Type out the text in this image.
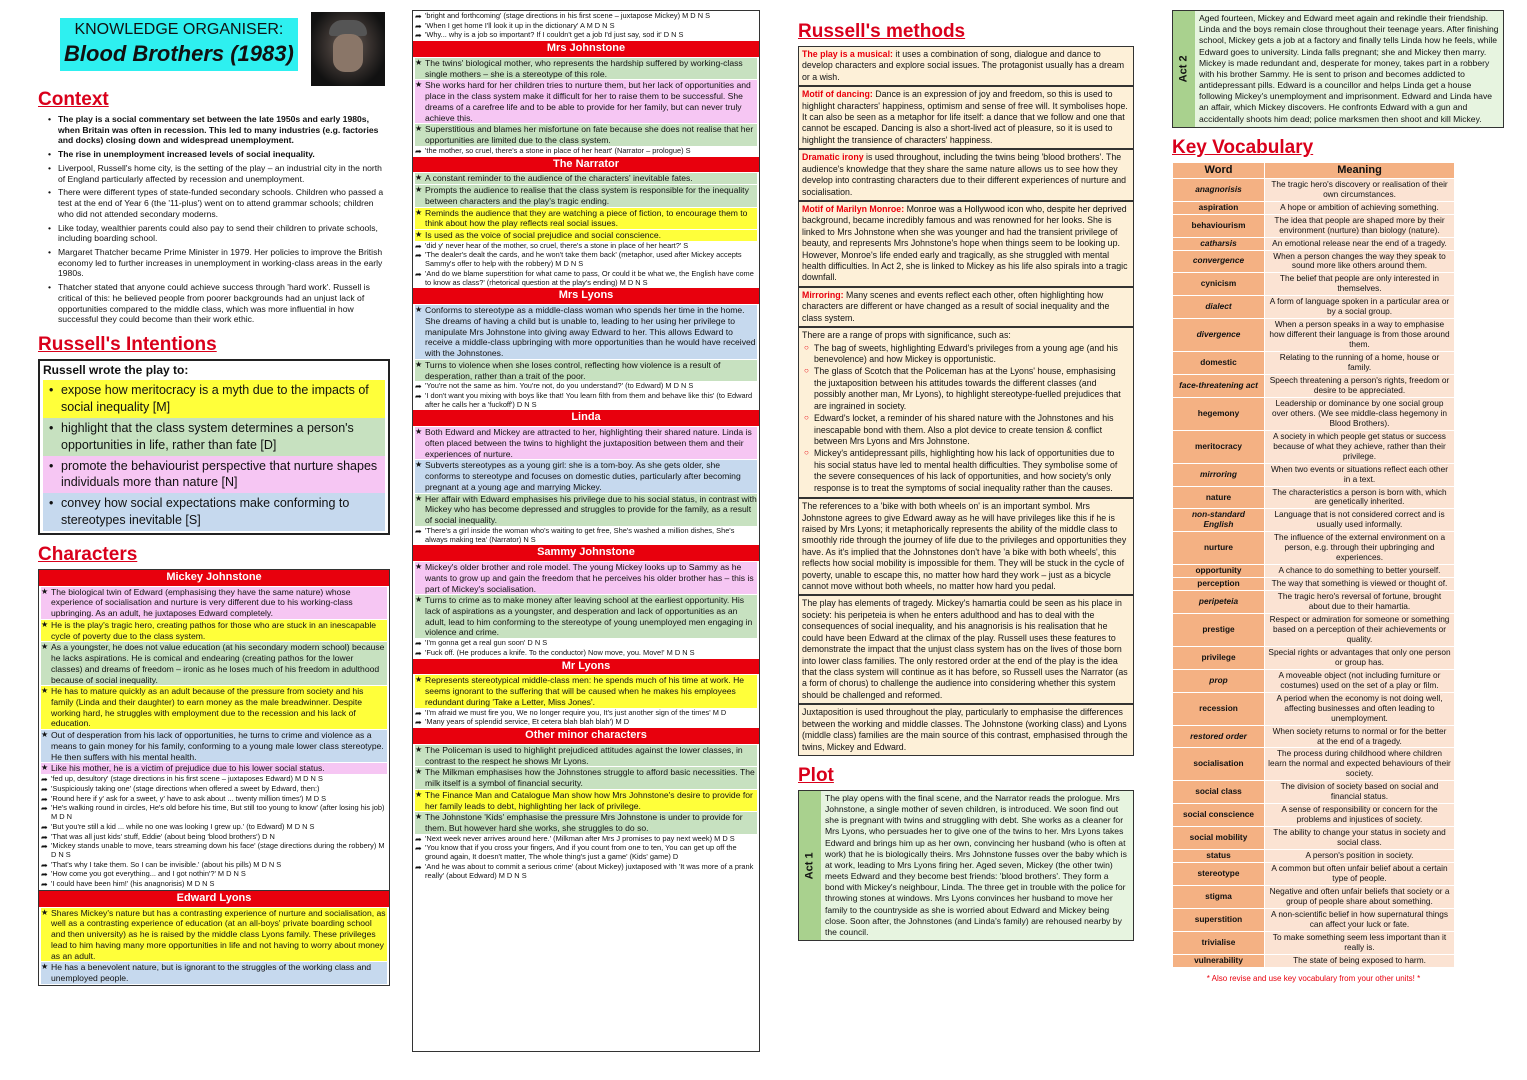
KNOWLEDGE ORGANISER:
Blood Brothers (1983)
Context
• The play is a social commentary set between the late 1950s and early 1980s, when Britain was often in recession. This led to many industries (e.g. factories and docks) closing down and widespread unemployment.
• The rise in unemployment increased levels of social inequality.
• Liverpool, Russell's home city, is the setting of the play – an industrial city in the north of England particularly affected by recession and unemployment.
• There were different types of state-funded secondary schools. Children who passed a test at the end of Year 6 (the '11-plus') went on to attend grammar schools; children who did not attended secondary moderns.
• Like today, wealthier parents could also pay to send their children to private schools, including boarding school.
• Margaret Thatcher became Prime Minister in 1979. Her policies to improve the British economy led to further increases in unemployment in working-class areas in the early 1980s.
• Thatcher stated that anyone could achieve success through 'hard work'. Russell is critical of this: he believed people from poorer backgrounds had an unjust lack of opportunities compared to the middle class, which was more influential in how successful they could become than their work ethic.
Russell's Intentions
Russell wrote the play to:
• expose how meritocracy is a myth due to the impacts of social inequality [M]
• highlight that the class system determines a person's opportunities in life, rather than fate [D]
• promote the behaviourist perspective that nurture shapes individuals more than nature [N]
• convey how social expectations make conforming to stereotypes inevitable [S]
Characters
Mickey Johnstone
★ The biological twin of Edward (emphasising they have the same nature) whose experience of socialisation and nurture is very different due to his working-class upbringing. As an adult, he juxtaposes Edward completely.
★ He is the play's tragic hero, creating pathos for those who are stuck in an inescapable cycle of poverty due to the class system.
★ As a youngster, he does not value education (at his secondary modern school) because he lacks aspirations. He is comical and endearing (creating pathos for the lower classes) and dreams of freedom – ironic as he loses much of his freedom in adulthood because of social inequality.
★ He has to mature quickly as an adult because of the pressure from society and his family (Linda and their daughter) to earn money as the male breadwinner. Despite working hard, he struggles with employment due to the recession and his lack of education.
★ Out of desperation from his lack of opportunities, he turns to crime and violence as a means to gain money for his family, conforming to a young male lower class stereotype. He then suffers with his mental health.
★ Like his mother, he is a victim of prejudice due to his lower social status.
➦ 'fed up, desultory' (stage directions in his first scene – juxtaposes Edward) M D N S
➦ 'Suspiciously taking one' (stage directions when offered a sweet by Edward, then:)
➦ 'Round here if y' ask for a sweet, y' have to ask about ... twenty million times') M D S
➦ 'He's walking round in circles, He's old before his time, But still too young to know' (after losing his job) M D N
➦ 'But you're still a kid ... while no one was looking I grew up.' (to Edward) M D N S
➦ 'That was all just kids' stuff, Eddie' (about being 'blood brothers') D N
➦ 'Mickey stands unable to move, tears streaming down his face' (stage directions during the robbery) M D N S
➦ 'That's why I take them. So I can be invisible.' (about his pills) M D N S
➦ 'How come you got everything... and I got nothin'?' M D N S
➦ 'I could have been him!' (his anagnorisis) M D N S
Edward Lyons
★ Shares Mickey's nature but has a contrasting experience of nurture and socialisation, as well as a contrasting experience of education (at an all-boys' private boarding school and then university) as he is raised by the middle class Lyons family. These privileges lead to him having many more opportunities in life and not having to worry about money as an adult.
★ He has a benevolent nature, but is ignorant to the struggles of the working class and unemployed people.
➦ 'bright and forthcoming' (stage directions in his first scene – juxtapose Mickey) M D N S
➦ 'When I get home I'll look it up in the dictionary' A M D N S
➦ 'Why... why is a job so important? If I couldn't get a job I'd just say, sod it' D N S
Mrs Johnstone
★ The twins' biological mother, who represents the hardship suffered by working-class single mothers – she is a stereotype of this role.
★ She works hard for her children tries to nurture them, but her lack of opportunities and place in the class system make it difficult for her to raise them to be successful. She dreams of a carefree life and to be able to provide for her family, but can never truly achieve this.
★ Superstitious and blames her misfortune on fate because she does not realise that her opportunities are limited due to the class system.
➦ 'the mother, so cruel, there's a stone in place of her heart' (Narrator – prologue) S
The Narrator
★ A constant reminder to the audience of the characters' inevitable fates.
★ Prompts the audience to realise that the class system is responsible for the inequality between characters and the play's tragic ending.
★ Reminds the audience that they are watching a piece of fiction, to encourage them to think about how the play reflects real social issues.
★ Is used as the voice of social prejudice and social conscience.
➦ 'did y' never hear of the mother, so cruel, there's a stone in place of her heart?' S
➦ 'The dealer's dealt the cards, and he won't take them back' (metaphor, used after Mickey accepts Sammy's offer to help with the robbery) M D N S
➦ 'And do we blame superstition for what came to pass, Or could it be what we, the English have come to know as class?' (rhetorical question at the play's ending) M D N S
Mrs Lyons
★ Conforms to stereotype as a middle-class woman who spends her time in the home. She dreams of having a child but is unable to, leading to her using her privilege to manipulate Mrs Johnstone into giving away Edward to her. This allows Edward to receive a middle-class upbringing with more opportunities than he would have received with the Johnstones.
★ Turns to violence when she loses control, reflecting how violence is a result of desperation, rather than a trait of the poor.
➦ 'You're not the same as him. You're not, do you understand?' (to Edward) M D N S
➦ 'I don't want you mixing with boys like that! You learn filth from them and behave like this' (to Edward after he calls her a 'fuckoff') D N S
Linda
★ Both Edward and Mickey are attracted to her, highlighting their shared nature. Linda is often placed between the twins to highlight the juxtaposition between them and their experiences of nurture.
★ Subverts stereotypes as a young girl: she is a tom-boy. As she gets older, she conforms to stereotype and focuses on domestic duties, particularly after becoming pregnant at a young age and marrying Mickey.
★ Her affair with Edward emphasises his privilege due to his social status, in contrast with Mickey who has become depressed and struggles to provide for the family, as a result of social inequality.
➦ 'There's a girl inside the woman who's waiting to get free, She's washed a million dishes, She's always making tea' (Narrator) N S
Sammy Johnstone
★ Mickey's older brother and role model. The young Mickey looks up to Sammy as he wants to grow up and gain the freedom that he perceives his older brother has – this is part of Mickey's socialisation.
★ Turns to crime as to make money after leaving school at the earliest opportunity. His lack of aspirations as a youngster, and desperation and lack of opportunities as an adult, lead to him conforming to the stereotype of young unemployed men engaging in violence and crime.
➦ 'I'm gonna get a real gun soon' D N S
➦ 'Fuck off. (He produces a knife. To the conductor) Now move, you. Move!' M D N S
Mr Lyons
★ Represents stereotypical middle-class men: he spends much of his time at work. He seems ignorant to the suffering that will be caused when he makes his employees redundant during 'Take a Letter, Miss Jones'.
➦ 'I'm afraid we must fire you, We no longer require you, It's just another sign of the times' M D
➦ 'Many years of splendid service, Et cetera blah blah blah') M D
Other minor characters
★ The Policeman is used to highlight prejudiced attitudes against the lower classes, in contrast to the respect he shows Mr Lyons.
★ The Milkman emphasises how the Johnstones struggle to afford basic necessities. The milk itself is a symbol of financial security.
★ The Finance Man and Catalogue Man show how Mrs Johnstone's desire to provide for her family leads to debt, highlighting her lack of privilege.
★ The Johnstone 'Kids' emphasise the pressure Mrs Johnstone is under to provide for them. But however hard she works, she struggles to do so.
➦ 'Next week never arrives around here.' (Milkman after Mrs J promises to pay next week) M D S
➦ 'You know that if you cross your fingers, And if you count from one to ten, You can get up off the ground again, It doesn't matter, The whole thing's just a game' (Kids' game) D
➦ 'And he was about to commit a serious crime' (about Mickey) juxtaposed with 'It was more of a prank really' (about Edward) M D N S
Russell's methods
The play is a musical: it uses a combination of song, dialogue and dance to develop characters and explore social issues. The protagonist usually has a dream or a wish.
Motif of dancing: Dance is an expression of joy and freedom, so this is used to highlight characters' happiness, optimism and sense of free will. It symbolises hope. It can also be seen as a metaphor for life itself: a dance that we follow and one that cannot be escaped. Dancing is also a short-lived act of pleasure, so it is used to highlight the transience of characters' happiness.
Dramatic irony is used throughout, including the twins being 'blood brothers'. The audience's knowledge that they share the same nature allows us to see how they develop into contrasting characters due to their different experiences of nurture and socialisation.
Motif of Marilyn Monroe: Monroe was a Hollywood icon who, despite her deprived background, became incredibly famous and was renowned for her looks. She is linked to Mrs Johnstone when she was younger and had the transient privilege of beauty, and represents Mrs Johnstone's hope when things seem to be looking up. However, Monroe's life ended early and tragically, as she struggled with mental health difficulties. In Act 2, she is linked to Mickey as his life also spirals into a tragic downfall.
Mirroring: Many scenes and events reflect each other, often highlighting how characters are different or have changed as a result of social inequality and the class system.
There are a range of props with significance, such as:
○ The bag of sweets, highlighting Edward's privileges from a young age (and his benevolence) and how Mickey is opportunistic.
○ The glass of Scotch that the Policeman has at the Lyons' house, emphasising the juxtaposition between his attitudes towards the different classes (and possibly another man, Mr Lyons), to highlight stereotype-fuelled prejudices that are ingrained in society.
○ Edward's locket, a reminder of his shared nature with the Johnstones and his inescapable bond with them. Also a plot device to create tension & conflict between Mrs Lyons and Mrs Johnstone.
○ Mickey's antidepressant pills, highlighting how his lack of opportunities due to his social status have led to mental health difficulties. They symbolise some of the severe consequences of his lack of opportunities, and how society's only response is to treat the symptoms of social inequality rather than the causes.
The references to a 'bike with both wheels on' is an important symbol. Mrs Johnstone agrees to give Edward away as he will have privileges like this if he is raised by Mrs Lyons; it metaphorically represents the ability of the middle class to smoothly ride through the journey of life due to the privileges and opportunities they have. As it's implied that the Johnstones don't have 'a bike with both wheels', this reflects how social mobility is impossible for them. They will be stuck in the cycle of poverty, unable to escape this, no matter how hard they work – just as a bicycle cannot move without both wheels, no matter how hard you pedal.
The play has elements of tragedy. Mickey's hamartia could be seen as his place in society: his peripeteia is when he enters adulthood and has to deal with the consequences of social inequality, and his anagnorisis is his realisation that he could have been Edward at the climax of the play. Russell uses these features to demonstrate the impact that the unjust class system has on the lives of those born into lower class families. The only restored order at the end of the play is the idea that the class system will continue as it has before, so Russell uses the Narrator (as a form of chorus) to challenge the audience into considering whether this system should be challenged and reformed.
Juxtaposition is used throughout the play, particularly to emphasise the differences between the working and middle classes. The Johnstone (working class) and Lyons (middle class) families are the main source of this contrast, emphasised through the twins, Mickey and Edward.
Plot
Act 1
The play opens with the final scene, and the Narrator reads the prologue. Mrs Johnstone, a single mother of seven children, is introduced. We soon find out she is pregnant with twins and struggling with debt. She works as a cleaner for Mrs Lyons, who persuades her to give one of the twins to her. Mrs Lyons takes Edward and brings him up as her own, convincing her husband (who is often at work) that he is biologically theirs. Mrs Johnstone fusses over the baby which is at work, leading to Mrs Lyons firing her. Aged seven, Mickey (the other twin) meets Edward and they become best friends: 'blood brothers'. They form a bond with Mickey's neighbour, Linda. The three get in trouble with the police for throwing stones at windows. Mrs Lyons convinces her husband to move her family to the countryside as she is worried about Edward and Mickey being close. Soon after, the Johnstones (and Linda's family) are rehoused nearby by the council.
Act 2
Aged fourteen, Mickey and Edward meet again and rekindle their friendship. Linda and the boys remain close throughout their teenage years. After finishing school, Mickey gets a job at a factory and finally tells Linda how he feels, while Edward goes to university. Linda falls pregnant; she and Mickey then marry. Mickey is made redundant and, desperate for money, takes part in a robbery with his brother Sammy. He is sent to prison and becomes addicted to antidepressant pills. Edward is a councillor and helps Linda get a house following Mickey's unemployment and imprisonment. Edward and Linda have an affair, which Mickey discovers. He confronts Edward with a gun and accidentally shoots him dead; police marksmen then shoot and kill Mickey.
Key Vocabulary
Word	Meaning
anagnorisis	The tragic hero's discovery or realisation of their own circumstances.
aspiration	A hope or ambition of achieving something.
behaviourism	The idea that people are shaped more by their environment (nurture) than biology (nature).
catharsis	An emotional release near the end of a tragedy.
convergence	When a person changes the way they speak to sound more like others around them.
cynicism	The belief that people are only interested in themselves.
dialect	A form of language spoken in a particular area or by a social group.
divergence	When a person speaks in a way to emphasise how different their language is from those around them.
domestic	Relating to the running of a home, house or family.
face-threatening act	Speech threatening a person's rights, freedom or desire to be appreciated.
hegemony	Leadership or dominance by one social group over others. (We see middle-class hegemony in Blood Brothers).
meritocracy	A society in which people get status or success because of what they achieve, rather than their privilege.
mirroring	When two events or situations reflect each other in a text.
nature	The characteristics a person is born with, which are genetically inherited.
non-standard English	Language that is not considered correct and is usually used informally.
nurture	The influence of the external environment on a person, e.g. through their upbringing and experiences.
opportunity	A chance to do something to better yourself.
perception	The way that something is viewed or thought of.
peripeteia	The tragic hero's reversal of fortune, brought about due to their hamartia.
prestige	Respect or admiration for someone or something based on a perception of their achievements or quality.
privilege	Special rights or advantages that only one person or group has.
prop	A moveable object (not including furniture or costumes) used on the set of a play or film.
recession	A period when the economy is not doing well, affecting businesses and often leading to unemployment.
restored order	When society returns to normal or for the better at the end of a tragedy.
socialisation	The process during childhood where children learn the normal and expected behaviours of their society.
social class	The division of society based on social and financial status.
social conscience	A sense of responsibility or concern for the problems and injustices of society.
social mobility	The ability to change your status in society and social class.
status	A person's position in society.
stereotype	A common but often unfair belief about a certain type of people.
stigma	Negative and often unfair beliefs that society or a group of people share about something.
superstition	A non-scientific belief in how supernatural things can affect your luck or fate.
trivialise	To make something seem less important than it really is.
vulnerability	The state of being exposed to harm.
* Also revise and use key vocabulary from your other units! *
